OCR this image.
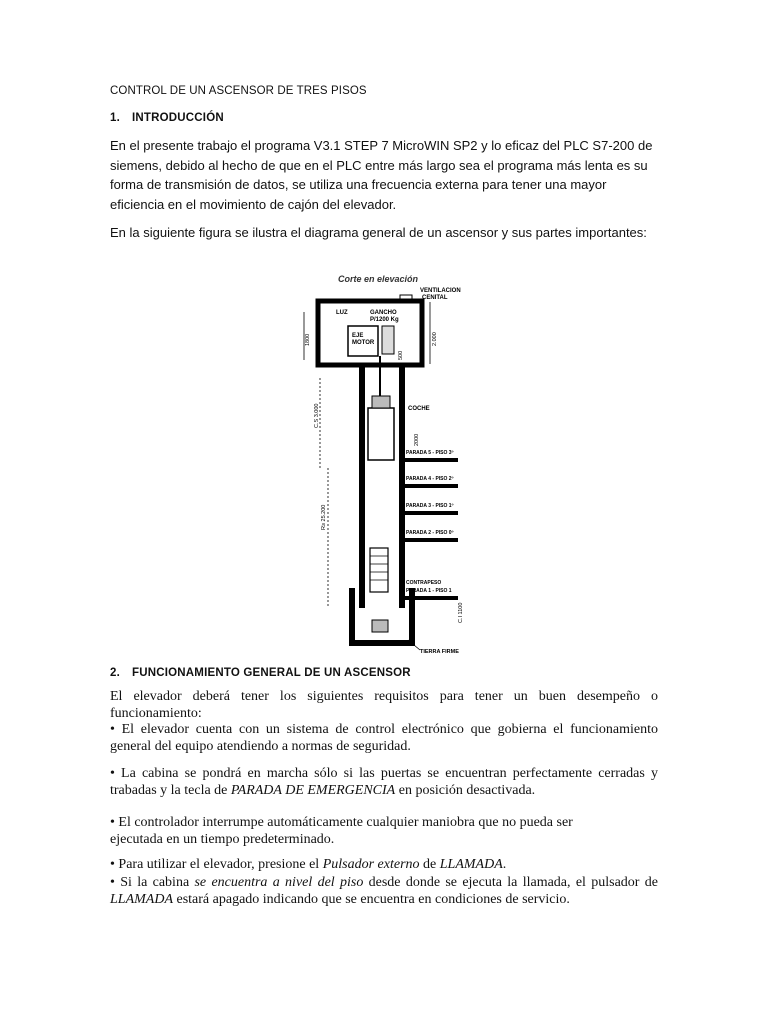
CONTROL DE UN ASCENSOR DE TRES PISOS
1. INTRODUCCIÓN
En el presente trabajo el programa V3.1 STEP 7 MicroWIN SP2 y lo eficaz del PLC S7-200 de siemens, debido al hecho de que en el PLC entre más largo sea el programa más lenta es su forma de transmisión de datos, se utiliza una frecuencia externa para tener una mayor eficiencia en el movimiento de cajón del elevador.
En la siguiente figura se ilustra el diagrama general de un ascensor y sus partes importantes:
Corte en elevación
VENTILACION
CENITAL
LUZ	GANCHO
P/1200 Kg
EJE
MOTOR
1800	2.000
500
COCHE
2000
PARADA 5 - PISO 3º
PARADA 4 - PISO 2º
PARADA 3 - PISO 1º
PARADA 2 - PISO 0º
PARADA 1 - PISO 1
CONTRAPESO
C.S 3.000
R≥ 25.200
C.I 1100
TIERRA FIRME
2. FUNCIONAMIENTO GENERAL DE UN ASCENSOR
El elevador deberá tener los siguientes requisitos para tener un buen desempeño o funcionamiento:
• El elevador cuenta con un sistema de control electrónico que gobierna el funcionamiento general del equipo atendiendo a normas de seguridad.
• La cabina se pondrá en marcha sólo si las puertas se encuentran perfectamente cerradas y trabadas y la tecla de PARADA DE EMERGENCIA en posición desactivada.
• El controlador interrumpe automáticamente cualquier maniobra que no pueda ser ejecutada en un tiempo predeterminado.
• Para utilizar el elevador, presione el Pulsador externo de LLAMADA.
• Si la cabina se encuentra a nivel del piso desde donde se ejecuta la llamada, el pulsador de LLAMADA estará apagado indicando que se encuentra en condiciones de servicio.
